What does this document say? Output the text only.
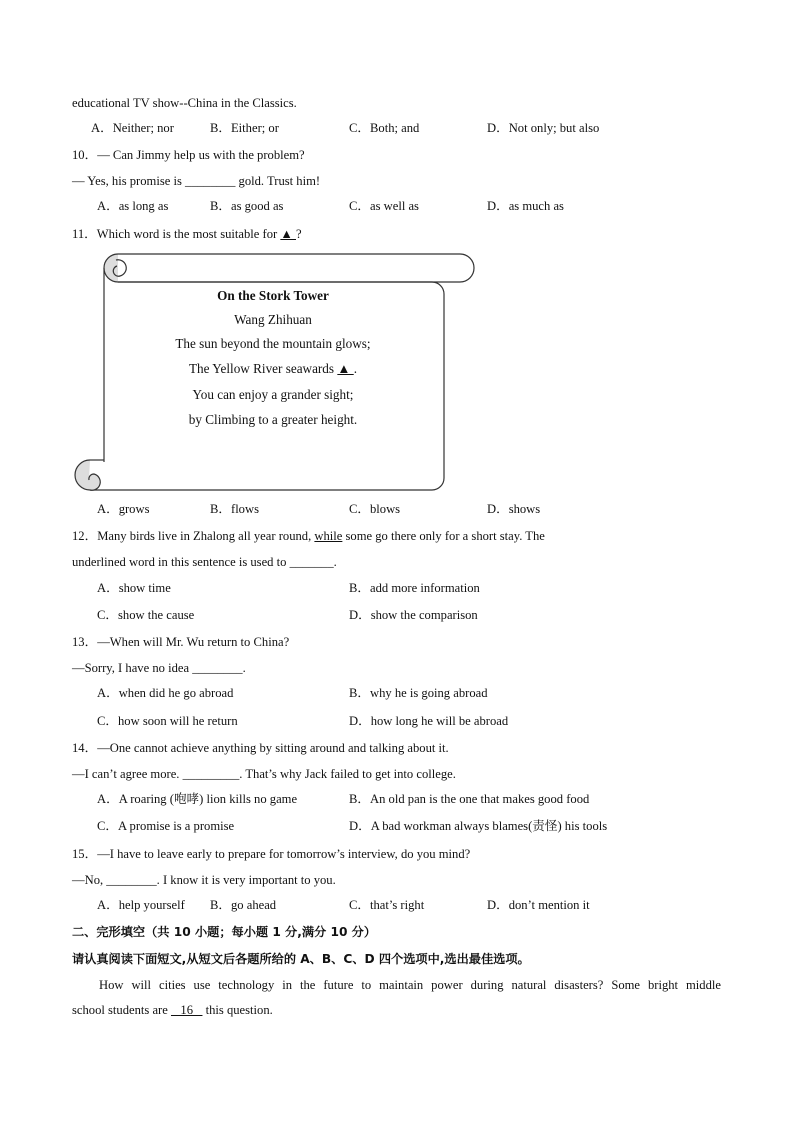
educational TV show--China in the Classics.
A．Neither; nor	B．Either; or	C．Both; and	D．Not only; but also
10．— Can Jimmy help us with the problem?
— Yes, his promise is ________ gold. Trust him!
A．as long as	B．as good as	C．as well as	D．as much as
11．Which word is the most suitable for ▲ ?
On the Stork Tower
Wang Zhihuan
The sun beyond the mountain glows;
The Yellow River seawards ▲ .
You can enjoy a grander sight;
by Climbing to a greater height.
A．grows	B．flows	C．blows	D．shows
12．Many birds live in Zhalong all year round, while some go there only for a short stay. The
underlined word in this sentence is used to _______.
A．show time	B．add more information
C．show the cause	D．show the comparison
13．—When will Mr. Wu return to China?
—Sorry, I have no idea ________.
A．when did he go abroad	B．why he is going abroad
C．how soon will he return	D．how long he will be abroad
14．—One cannot achieve anything by sitting around and talking about it.
—I can’t agree more. _________. That’s why Jack failed to get into college.
A．A roaring (咆哮) lion kills no game	B．An old pan is the one that makes good food
C．A promise is a promise	D．A bad workman always blames(责怪) his tools
15．—I have to leave early to prepare for tomorrow’s interview, do you mind?
—No, ________. I know it is very important to you.
A．help yourself B．go ahead	C．that’s right	D．don’t mention it
二、完形填空（共 10 小题；每小题 1 分,满分 10 分）
请认真阅读下面短文,从短文后各题所给的 A、B、C、D 四个选项中,选出最佳选项。
How will cities use technology in the future to maintain power during natural disasters? Some bright middle
school students are    16    this question.
